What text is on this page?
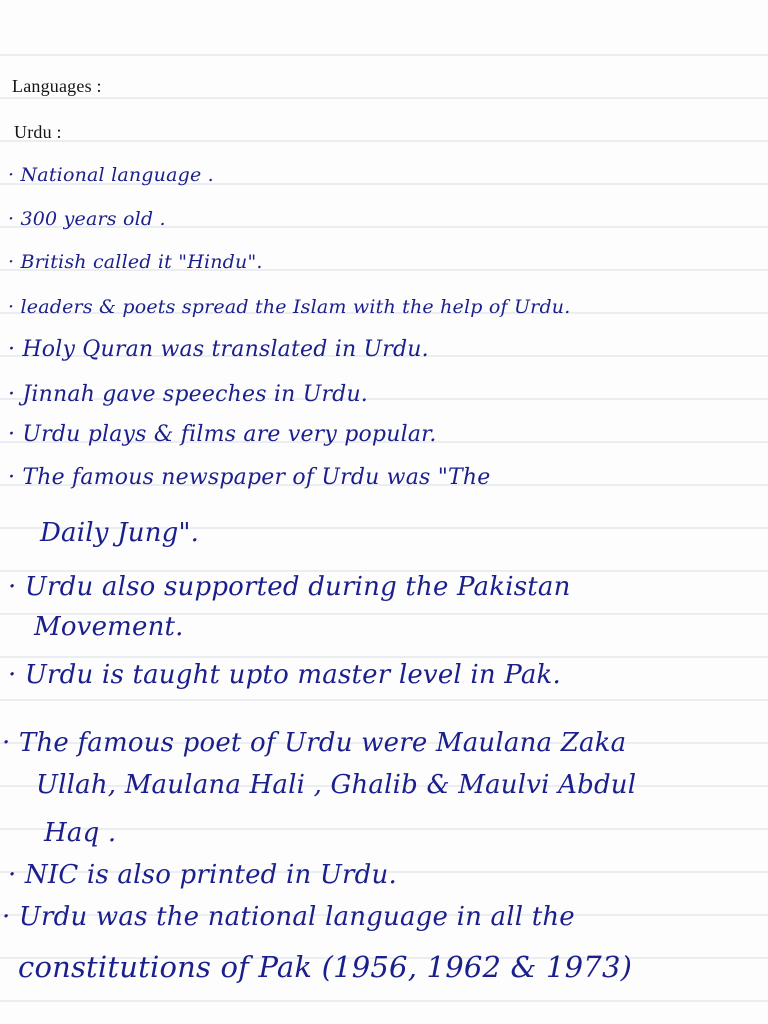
Languages :
Urdu :
· National language .
· 300 years old .
· British called it "Hindu".
· leaders & poets spread the Islam with the help of Urdu.
· Holy Quran was translated in Urdu.
· Jinnah gave speeches in Urdu.
· Urdu plays & films are very popular.
· The famous newspaper of Urdu was "The
Daily Jung".
· Urdu also supported during the Pakistan
Movement.
· Urdu is taught upto master level in Pak.
· The famous poet of Urdu were Maulana Zaka
Ullah, Maulana Hali , Ghalib & Maulvi Abdul
Haq .
· NIC is also printed in Urdu.
· Urdu was the national language in all the
constitutions of Pak (1956, 1962 & 1973)
